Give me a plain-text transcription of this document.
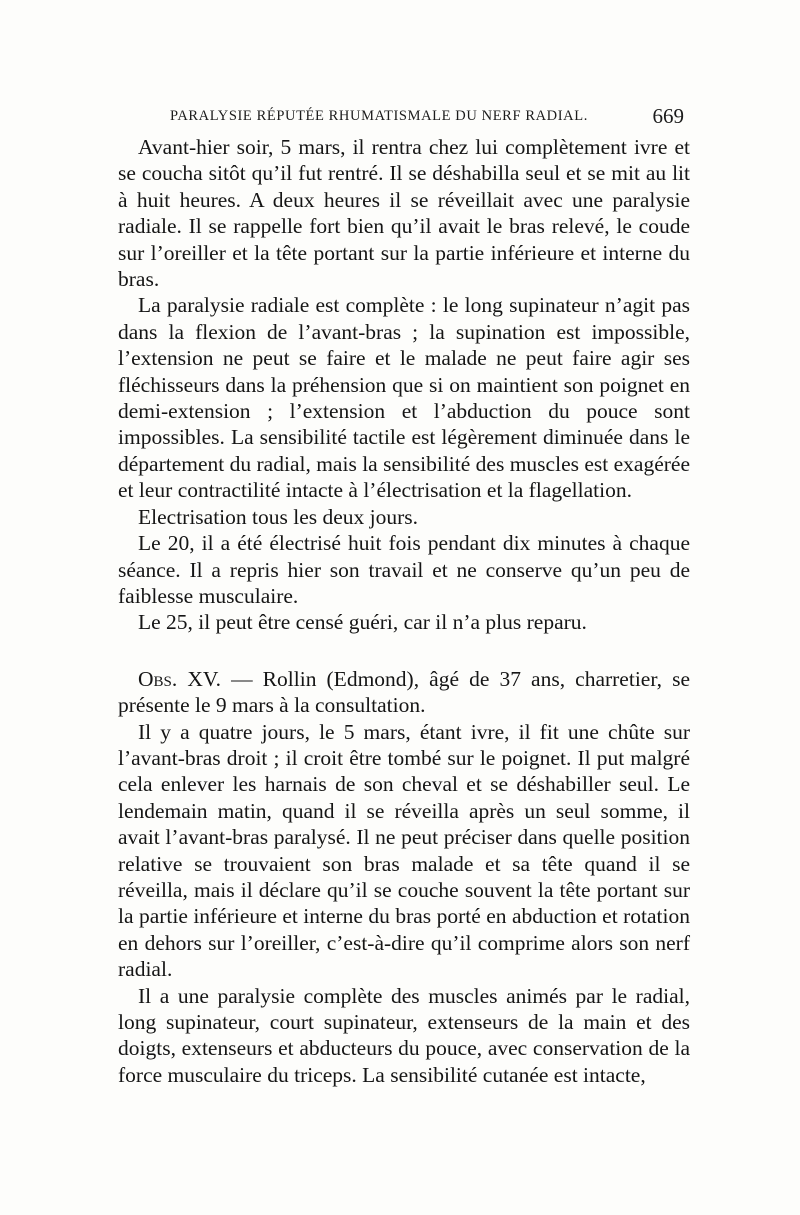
PARALYSIE RÉPUTÉE RHUMATISMALE DU NERF RADIAL.	669

Avant-hier soir, 5 mars, il rentra chez lui complètement ivre et se coucha sitôt qu’il fut rentré. Il se déshabilla seul et se mit au lit à huit heures. A deux heures il se réveillait avec une paralysie radiale. Il se rappelle fort bien qu’il avait le bras relevé, le coude sur l’oreiller et la tête portant sur la partie inférieure et interne du bras.

La paralysie radiale est complète : le long supinateur n’agit pas dans la flexion de l’avant-bras ; la supination est impossible, l’extension ne peut se faire et le malade ne peut faire agir ses fléchisseurs dans la préhension que si on maintient son poignet en demi-extension ; l’extension et l’abduction du pouce sont impossibles. La sensibilité tactile est légèrement diminuée dans le département du radial, mais la sensibilité des muscles est exagérée et leur contractilité intacte à l’électrisation et la flagellation.

Electrisation tous les deux jours.

Le 20, il a été électrisé huit fois pendant dix minutes à chaque séance. Il a repris hier son travail et ne conserve qu’un peu de faiblesse musculaire.

Le 25, il peut être censé guéri, car il n’a plus reparu.

Obs. XV. — Rollin (Edmond), âgé de 37 ans, charretier, se présente le 9 mars à la consultation.

Il y a quatre jours, le 5 mars, étant ivre, il fit une chûte sur l’avant-bras droit ; il croit être tombé sur le poignet. Il put malgré cela enlever les harnais de son cheval et se déshabiller seul. Le lendemain matin, quand il se réveilla après un seul somme, il avait l’avant-bras paralysé. Il ne peut préciser dans quelle position relative se trouvaient son bras malade et sa tête quand il se réveilla, mais il déclare qu’il se couche souvent la tête portant sur la partie inférieure et interne du bras porté en abduction et rotation en dehors sur l’oreiller, c’est-à-dire qu’il comprime alors son nerf radial.

Il a une paralysie complète des muscles animés par le radial, long supinateur, court supinateur, extenseurs de la main et des doigts, extenseurs et abducteurs du pouce, avec conservation de la force musculaire du triceps. La sensibilité cutanée est intacte,
